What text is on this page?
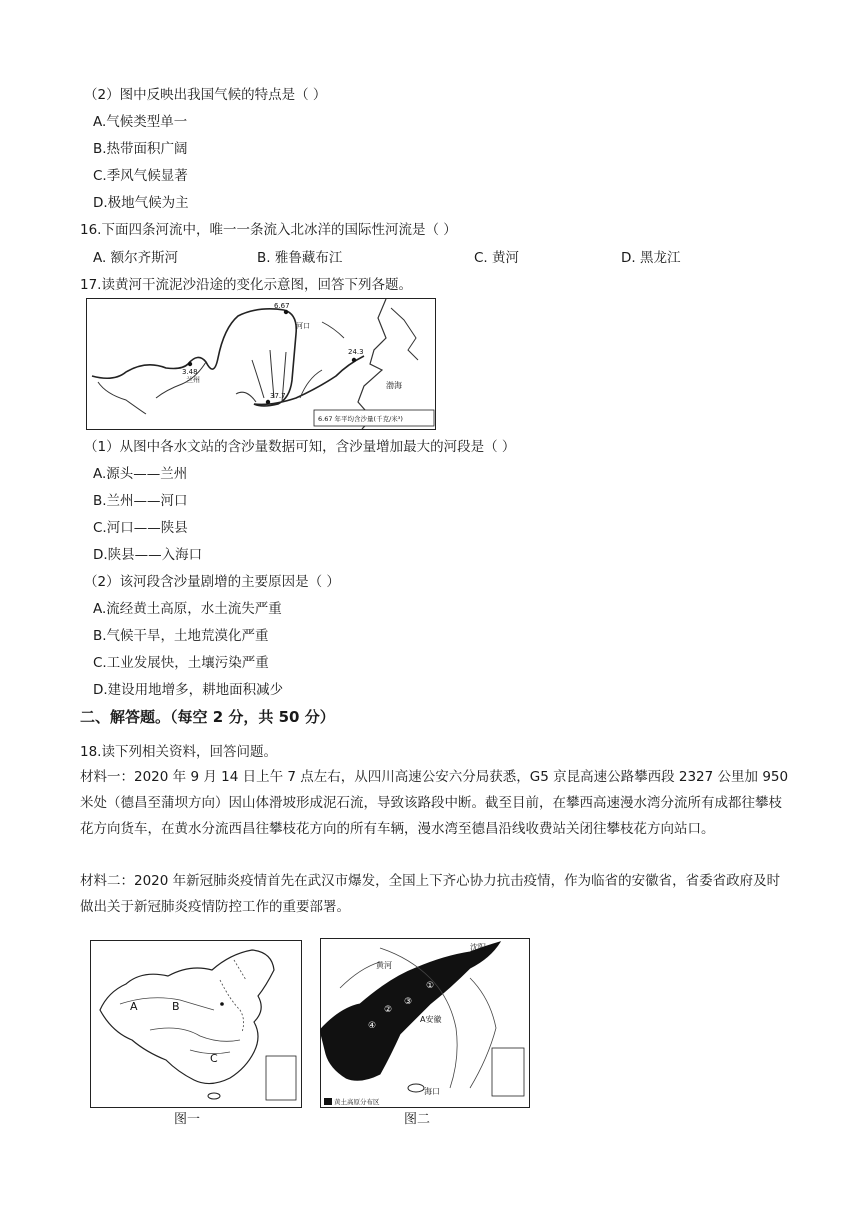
（2）图中反映出我国气候的特点是（ ）
A.气候类型单一
B.热带面积广阔
C.季风气候显著
D.极地气候为主
16.下面四条河流中，唯一一条流入北冰洋的国际性河流是（ ）
A. 额尔齐斯河	B. 雅鲁藏布江	C. 黄河	D. 黑龙江
17.读黄河干流泥沙沿途的变化示意图，回答下列各题。
6.67
3.48
24.3
37.7
兰州
河口
渤海
6.67 年平均含沙量(千克/米³)
（1）从图中各水文站的含沙量数据可知，含沙量增加最大的河段是（ ）
A.源头——兰州
B.兰州——河口
C.河口——陕县
D.陕县——入海口
（2）该河段含沙量剧增的主要原因是（ ）
A.流经黄土高原，水土流失严重
B.气候干旱，土地荒漠化严重
C.工业发展快，土壤污染严重
D.建设用地增多，耕地面积减少
二、解答题。（每空 2 分，共 50 分）
18.读下列相关资料，回答问题。
材料一：2020 年 9 月 14 日上午 7 点左右，从四川高速公安六分局获悉，G5 京昆高速公路攀西段 2327 公里加 950 米处（德昌至蒲坝方向）因山体滑坡形成泥石流，导致该路段中断。截至目前，在攀西高速漫水湾分流所有成都往攀枝花方向货车，在黄水分流西昌往攀枝花方向的所有车辆，漫水湾至德昌沿线收费站关闭往攀枝花方向站口。
材料二：2020 年新冠肺炎疫情首先在武汉市爆发，全国上下齐心协力抗击疫情，作为临省的安徽省，省委省政府及时做出关于新冠肺炎疫情防控工作的重要部署。
A	B
C
图一
沈阳
黄河
①
②
③
④
A安徽
海口
黄土高原分布区
图二
